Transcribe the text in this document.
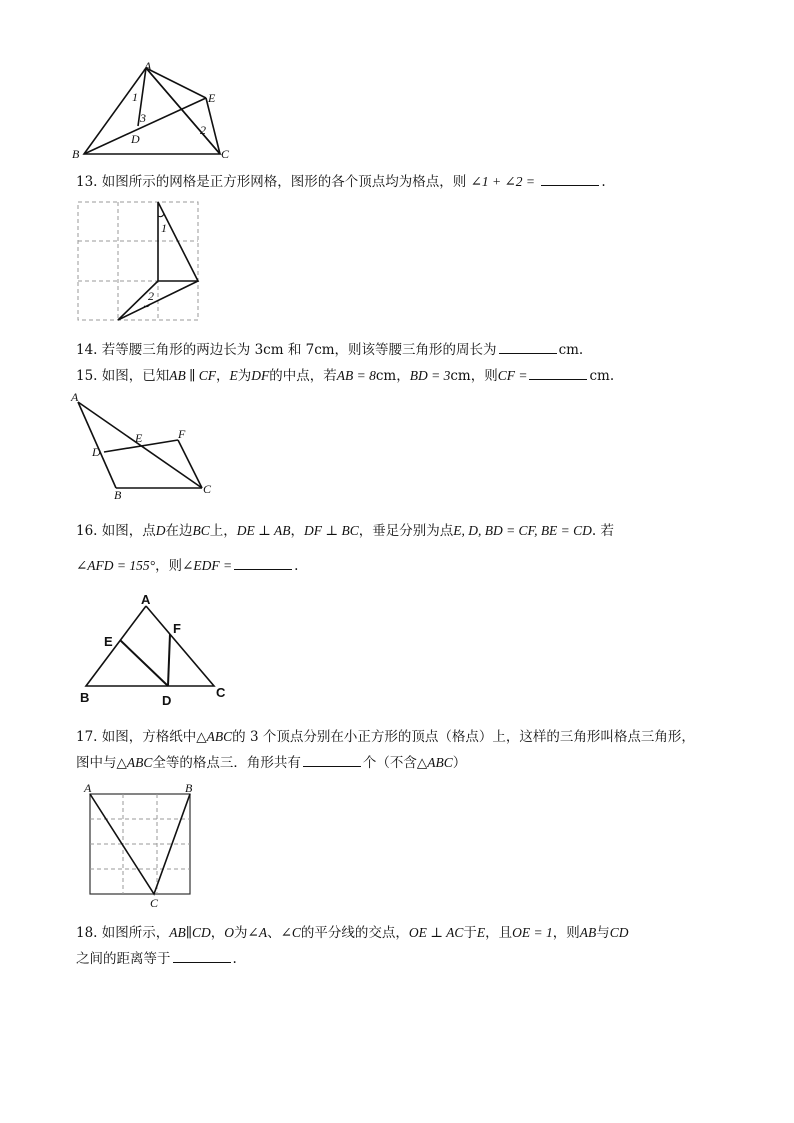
A
B	C
D
E
1
3
2
13. 如图所示的网格是正方形网格，图形的各个顶点均为格点，则 ∠1 + ∠2 =	.
1
2
14. 若等腰三角形的两边长为 3cm 和 7cm，则该等腰三角形的周长为	cm.
15. 如图，已知AB ∥ CF，E为DF的中点，若AB = 8cm，BD = 3cm，则CF =	cm.
A
B	C
D
E	F
16. 如图，点D在边BC上，DE ⊥ AB，DF ⊥ BC，垂足分别为点E, D, BD = CF, BE = CD. 若
∠AFD = 155°，则∠EDF =	.
A
B	C
D
E
F
17. 如图，方格纸中△ABC的 3 个顶点分别在小正方形的顶点（格点）上，这样的三角形叫格点三角形，
图中与△ABC全等的格点三．角形共有	个（不含△ABC）
A	B
C
18. 如图所示，AB∥CD，O为∠A、∠C的平分线的交点，OE ⊥ AC于E，且OE = 1，则AB与CD
之间的距离等于	.
